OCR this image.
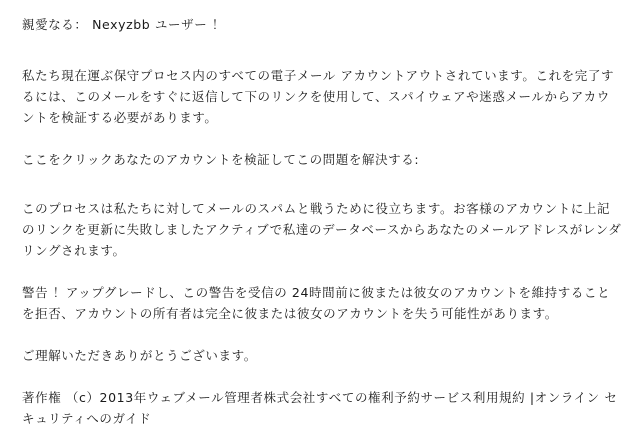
親愛なる： Nexyzbb ユーザー ！

私たち現在運ぶ保守プロセス内のすべての電子メール アカウントアウトされています。これを完了するには、このメールをすぐに返信して下のリンクを使用して、スパイウェアや迷惑メールからアカウントを検証する必要があります。

ここをクリックあなたのアカウントを検証してこの問題を解決する:

このプロセスは私たちに対してメールのスパムと戦うために役立ちます。お客様のアカウントに上記のリンクを更新に失敗しましたアクティブで私達のデータベースからあなたのメールアドレスがレンダリングされます。

警告 ！アップグレードし、この警告を受信の 24時間前に彼または彼女のアカウントを維持することを拒否、アカウントの所有者は完全に彼または彼女のアカウントを失う可能性があります。

ご理解いただきありがとうございます。

著作権 （c）2013年ウェブメール管理者株式会社すべての権利予約サービス利用規約 |オンライン セキュリティへのガイド
